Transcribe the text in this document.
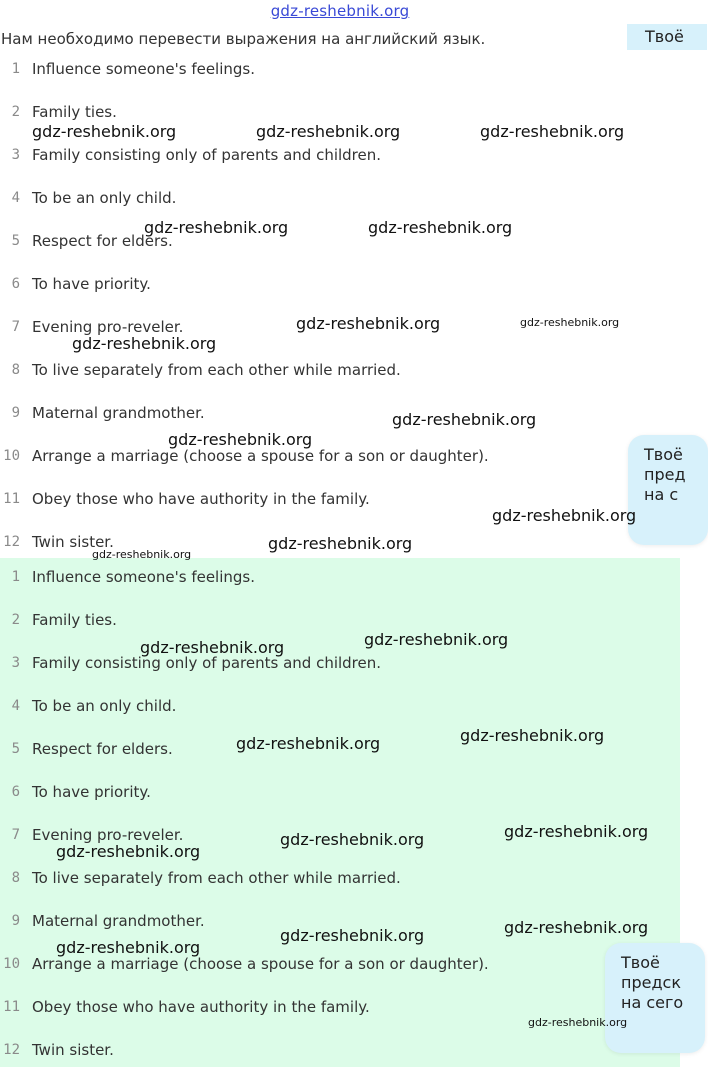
gdz-reshebnik.org
Нам необходимо перевести выражения на английский язык.	Твоё
1 Influence someone's feelings.
2 Family ties.
3 Family consisting only of parents and children.
4 To be an only child.
5 Respect for elders.
6 To have priority.
7 Evening pro-reveler.
8 To live separately from each other while married.
9 Maternal grandmother.
10 Arrange a marriage (choose a spouse for a son or daughter).
11 Obey those who have authority in the family.
12 Twin sister.
1 Influence someone's feelings.
2 Family ties.
3 Family consisting only of parents and children.
4 To be an only child.
5 Respect for elders.
6 To have priority.
7 Evening pro-reveler.
8 To live separately from each other while married.
9 Maternal grandmother.
10 Arrange a marriage (choose a spouse for a son or daughter).
11 Obey those who have authority in the family.
12 Twin sister.
Твоё
пред
на с
Твоё
предск
на сего
gdz-reshebnik.org	gdz-reshebnik.org	gdz-reshebnik.org
gdz-reshebnik.org	gdz-reshebnik.org
gdz-reshebnik.org	gdz-reshebnik.org
gdz-reshebnik.org
gdz-reshebnik.org
gdz-reshebnik.org
gdz-reshebnik.org
gdz-reshebnik.org
gdz-reshebnik.org
gdz-reshebnik.org
gdz-reshebnik.org
gdz-reshebnik.org
gdz-reshebnik.org
gdz-reshebnik.org
gdz-reshebnik.org
gdz-reshebnik.org
gdz-reshebnik.org
gdz-reshebnik.org
gdz-reshebnik.org
gdz-reshebnik.org
